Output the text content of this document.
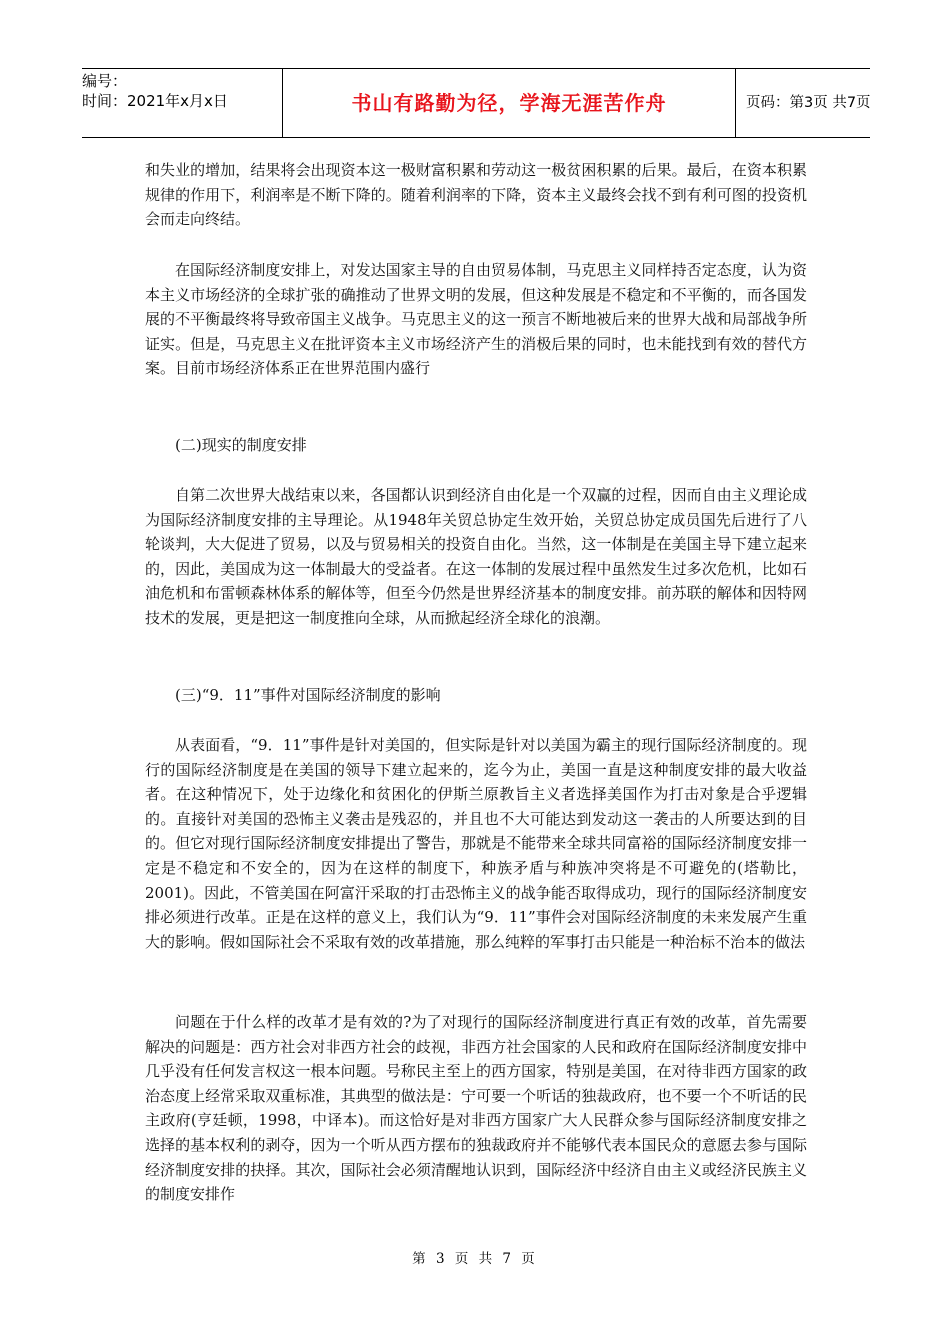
编号：
时间：2021年x月x日	书山有路勤为径，学海无涯苦作舟	页码：第3页 共7页

和失业的增加，结果将会出现资本这一极财富积累和劳动这一极贫困积累的后果。最后，在资本积累规律的作用下，利润率是不断下降的。随着利润率的下降，资本主义最终会找不到有利可图的投资机会而走向终结。

在国际经济制度安排上，对发达国家主导的自由贸易体制，马克思主义同样持否定态度，认为资本主义市场经济的全球扩张的确推动了世界文明的发展，但这种发展是不稳定和不平衡的，而各国发展的不平衡最终将导致帝国主义战争。马克思主义的这一预言不断地被后来的世界大战和局部战争所证实。但是，马克思主义在批评资本主义市场经济产生的消极后果的同时，也未能找到有效的替代方案。目前市场经济体系正在世界范围内盛行

(二)现实的制度安排

自第二次世界大战结束以来，各国都认识到经济自由化是一个双赢的过程，因而自由主义理论成为国际经济制度安排的主导理论。从1948年关贸总协定生效开始，关贸总协定成员国先后进行了八轮谈判，大大促进了贸易，以及与贸易相关的投资自由化。当然，这一体制是在美国主导下建立起来的，因此，美国成为这一体制最大的受益者。在这一体制的发展过程中虽然发生过多次危机，比如石油危机和布雷顿森林体系的解体等，但至今仍然是世界经济基本的制度安排。前苏联的解体和因特网技术的发展，更是把这一制度推向全球，从而掀起经济全球化的浪潮。

(三)“9．11”事件对国际经济制度的影响

从表面看，“9．11”事件是针对美国的，但实际是针对以美国为霸主的现行国际经济制度的。现行的国际经济制度是在美国的领导下建立起来的，迄今为止，美国一直是这种制度安排的最大收益者。在这种情况下，处于边缘化和贫困化的伊斯兰原教旨主义者选择美国作为打击对象是合乎逻辑的。直接针对美国的恐怖主义袭击是残忍的，并且也不大可能达到发动这一袭击的人所要达到的目的。但它对现行国际经济制度安排提出了警告，那就是不能带来全球共同富裕的国际经济制度安排一定是不稳定和不安全的，因为在这样的制度下，种族矛盾与种族冲突将是不可避免的(塔勒比，2001)。因此，不管美国在阿富汗采取的打击恐怖主义的战争能否取得成功，现行的国际经济制度安排必须进行改革。正是在这样的意义上，我们认为“9．11”事件会对国际经济制度的未来发展产生重大的影响。假如国际社会不采取有效的改革措施，那么纯粹的军事打击只能是一种治标不治本的做法

问题在于什么样的改革才是有效的?为了对现行的国际经济制度进行真正有效的改革，首先需要解决的问题是：西方社会对非西方社会的歧视，非西方社会国家的人民和政府在国际经济制度安排中几乎没有任何发言权这一根本问题。号称民主至上的西方国家，特别是美国，在对待非西方国家的政治态度上经常采取双重标准，其典型的做法是：宁可要一个听话的独裁政府，也不要一个不听话的民主政府(亨廷顿，1998，中译本)。而这恰好是对非西方国家广大人民群众参与国际经济制度安排之选择的基本权利的剥夺，因为一个听从西方摆布的独裁政府并不能够代表本国民众的意愿去参与国际经济制度安排的抉择。其次，国际社会必须清醒地认识到，国际经济中经济自由主义或经济民族主义的制度安排作

第 3 页 共 7 页
